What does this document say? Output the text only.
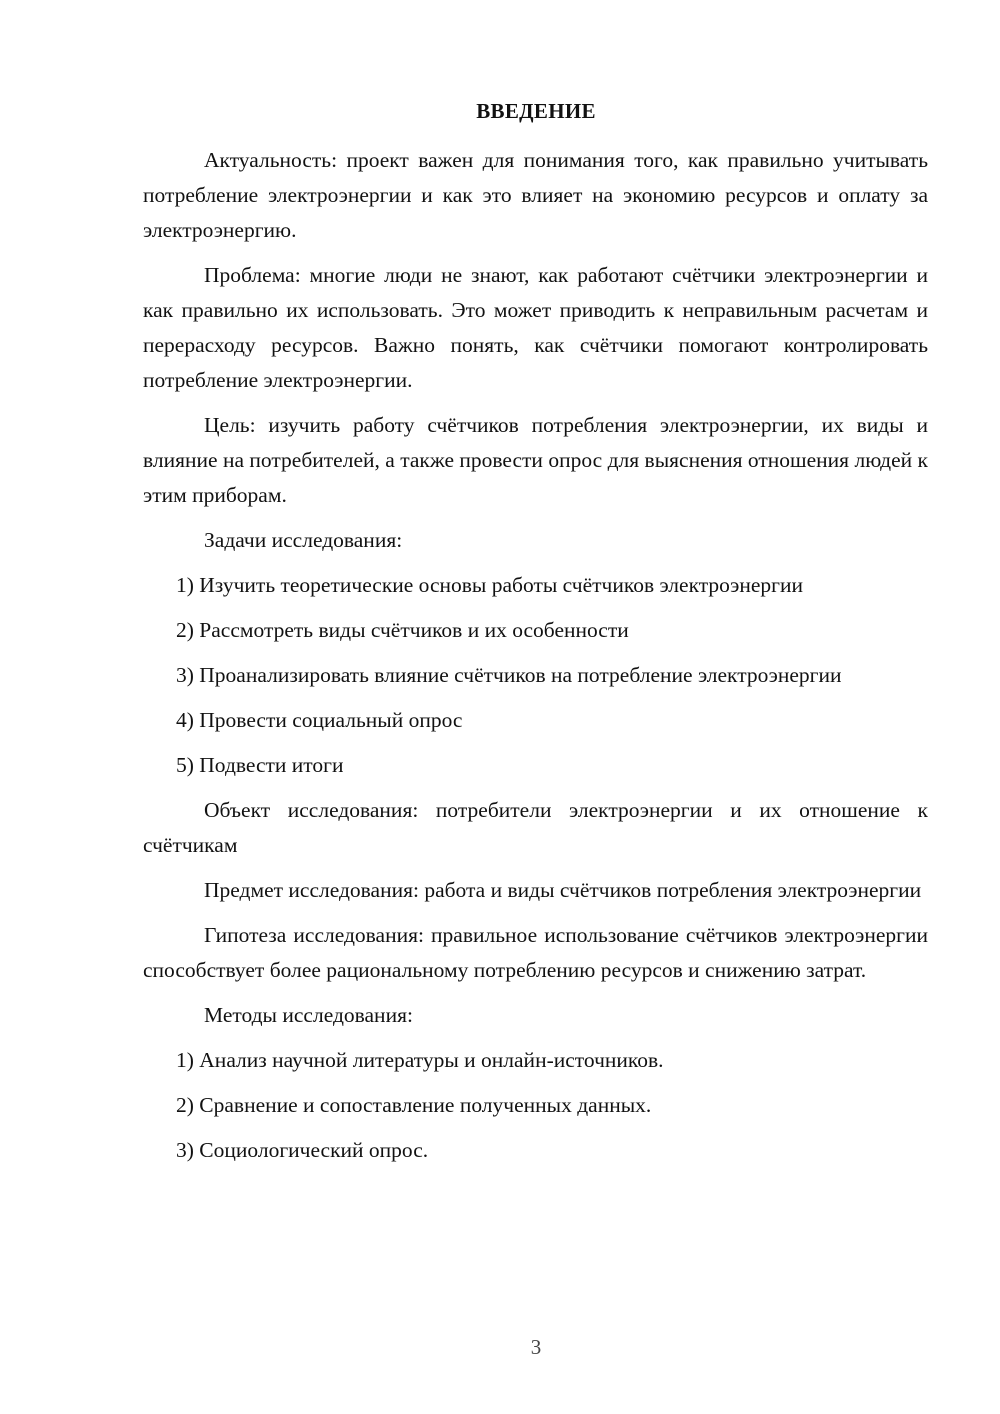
ВВЕДЕНИЕ

Актуальность: проект важен для понимания того, как правильно учитывать потребление электроэнергии и как это влияет на экономию ресурсов и оплату за электроэнергию.

Проблема: многие люди не знают, как работают счётчики электроэнергии и как правильно их использовать. Это может приводить к неправильным расчетам и перерасходу ресурсов. Важно понять, как счётчики помогают контролировать потребление электроэнергии.

Цель: изучить работу счётчиков потребления электроэнергии, их виды и влияние на потребителей, а также провести опрос для выяснения отношения людей к этим приборам.

Задачи исследования:

1) Изучить теоретические основы работы счётчиков электроэнергии

2) Рассмотреть виды счётчиков и их особенности

3) Проанализировать влияние счётчиков на потребление электроэнергии

4) Провести социальный опрос

5) Подвести итоги

Объект исследования: потребители электроэнергии и их отношение к счётчикам

Предмет исследования: работа и виды счётчиков потребления электроэнергии

Гипотеза исследования: правильное использование счётчиков электроэнергии способствует более рациональному потреблению ресурсов и снижению затрат.

Методы исследования:

1) Анализ научной литературы и онлайн-источников.

2) Сравнение и сопоставление полученных данных.

3) Социологический опрос.

3
